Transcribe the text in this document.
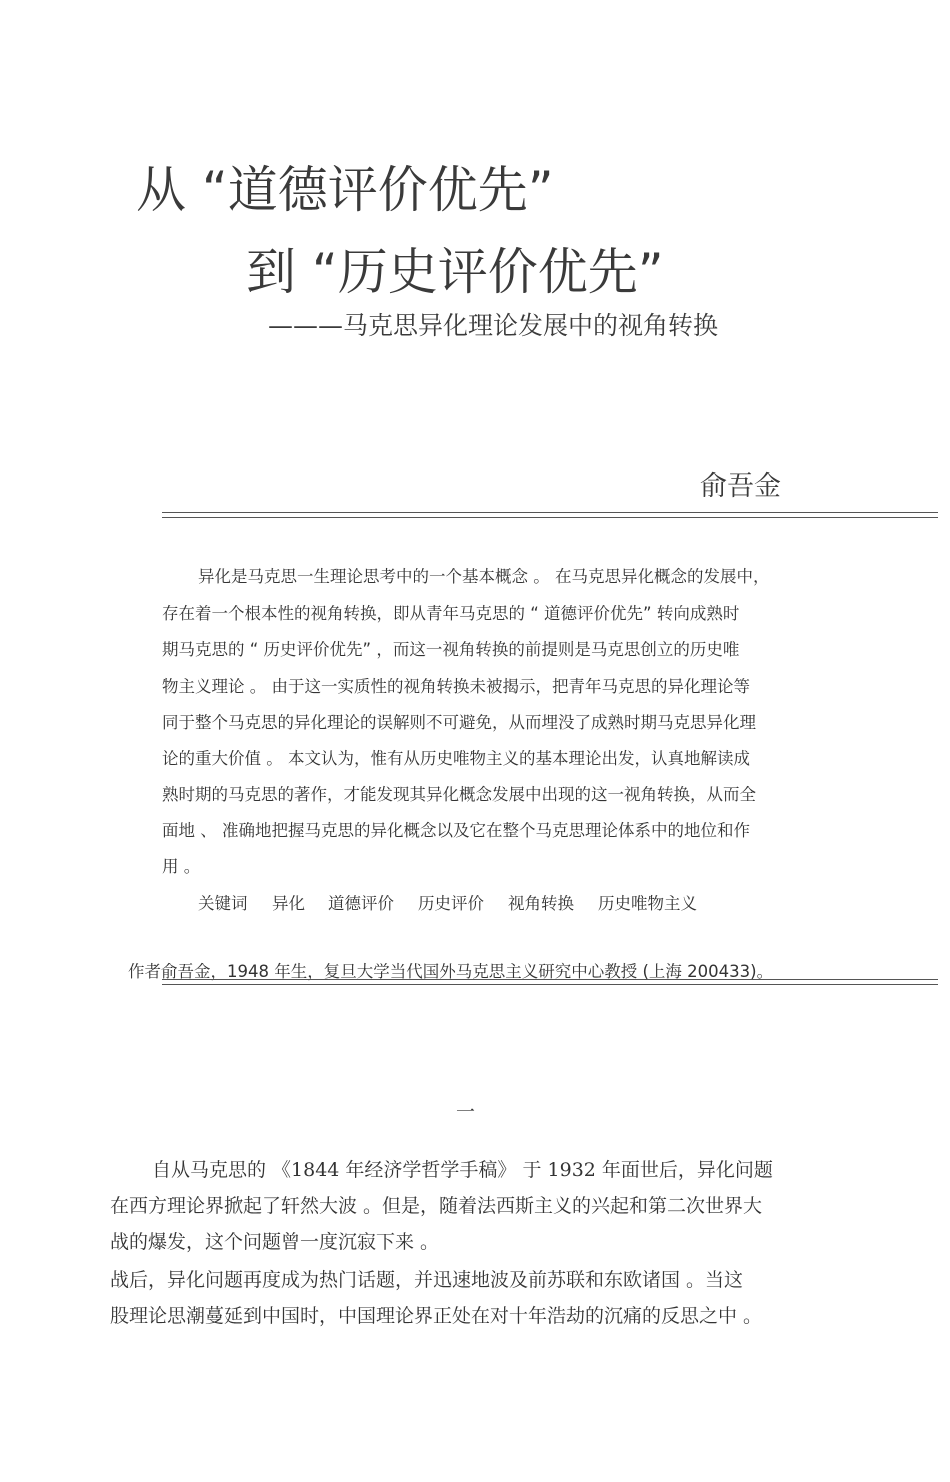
从 “道德评价优先”
到 “历史评价优先”
———马克思异化理论发展中的视角转换
俞吾金
异化是马克思一生理论思考中的一个基本概念 。 在马克思异化概念的发展中，
存在着一个根本性的视角转换，即从青年马克思的 “ 道德评价优先” 转向成熟时
期马克思的 “ 历史评价优先” ，而这一视角转换的前提则是马克思创立的历史唯
物主义理论 。 由于这一实质性的视角转换未被揭示，把青年马克思的异化理论等
同于整个马克思的异化理论的误解则不可避免，从而埋没了成熟时期马克思异化理
论的重大价值 。 本文认为，惟有从历史唯物主义的基本理论出发，认真地解读成
熟时期的马克思的著作，才能发现其异化概念发展中出现的这一视角转换，从而全
面地 、 准确地把握马克思的异化概念以及它在整个马克思理论体系中的地位和作
用 。
关键词 异化 道德评价 历史评价 视角转换 历史唯物主义
作者俞吾金，1948 年生，复旦大学当代国外马克思主义研究中心教授 (上海 200433)。
一
自从马克思的 《1844 年经济学哲学手稿》 于 1932 年面世后，异化问题
在西方理论界掀起了轩然大波 。但是，随着法西斯主义的兴起和第二次世界大
战的爆发，这个问题曾一度沉寂下来 。
战后，异化问题再度成为热门话题，并迅速地波及前苏联和东欧诸国 。当这
股理论思潮蔓延到中国时，中国理论界正处在对十年浩劫的沉痛的反思之中 。
